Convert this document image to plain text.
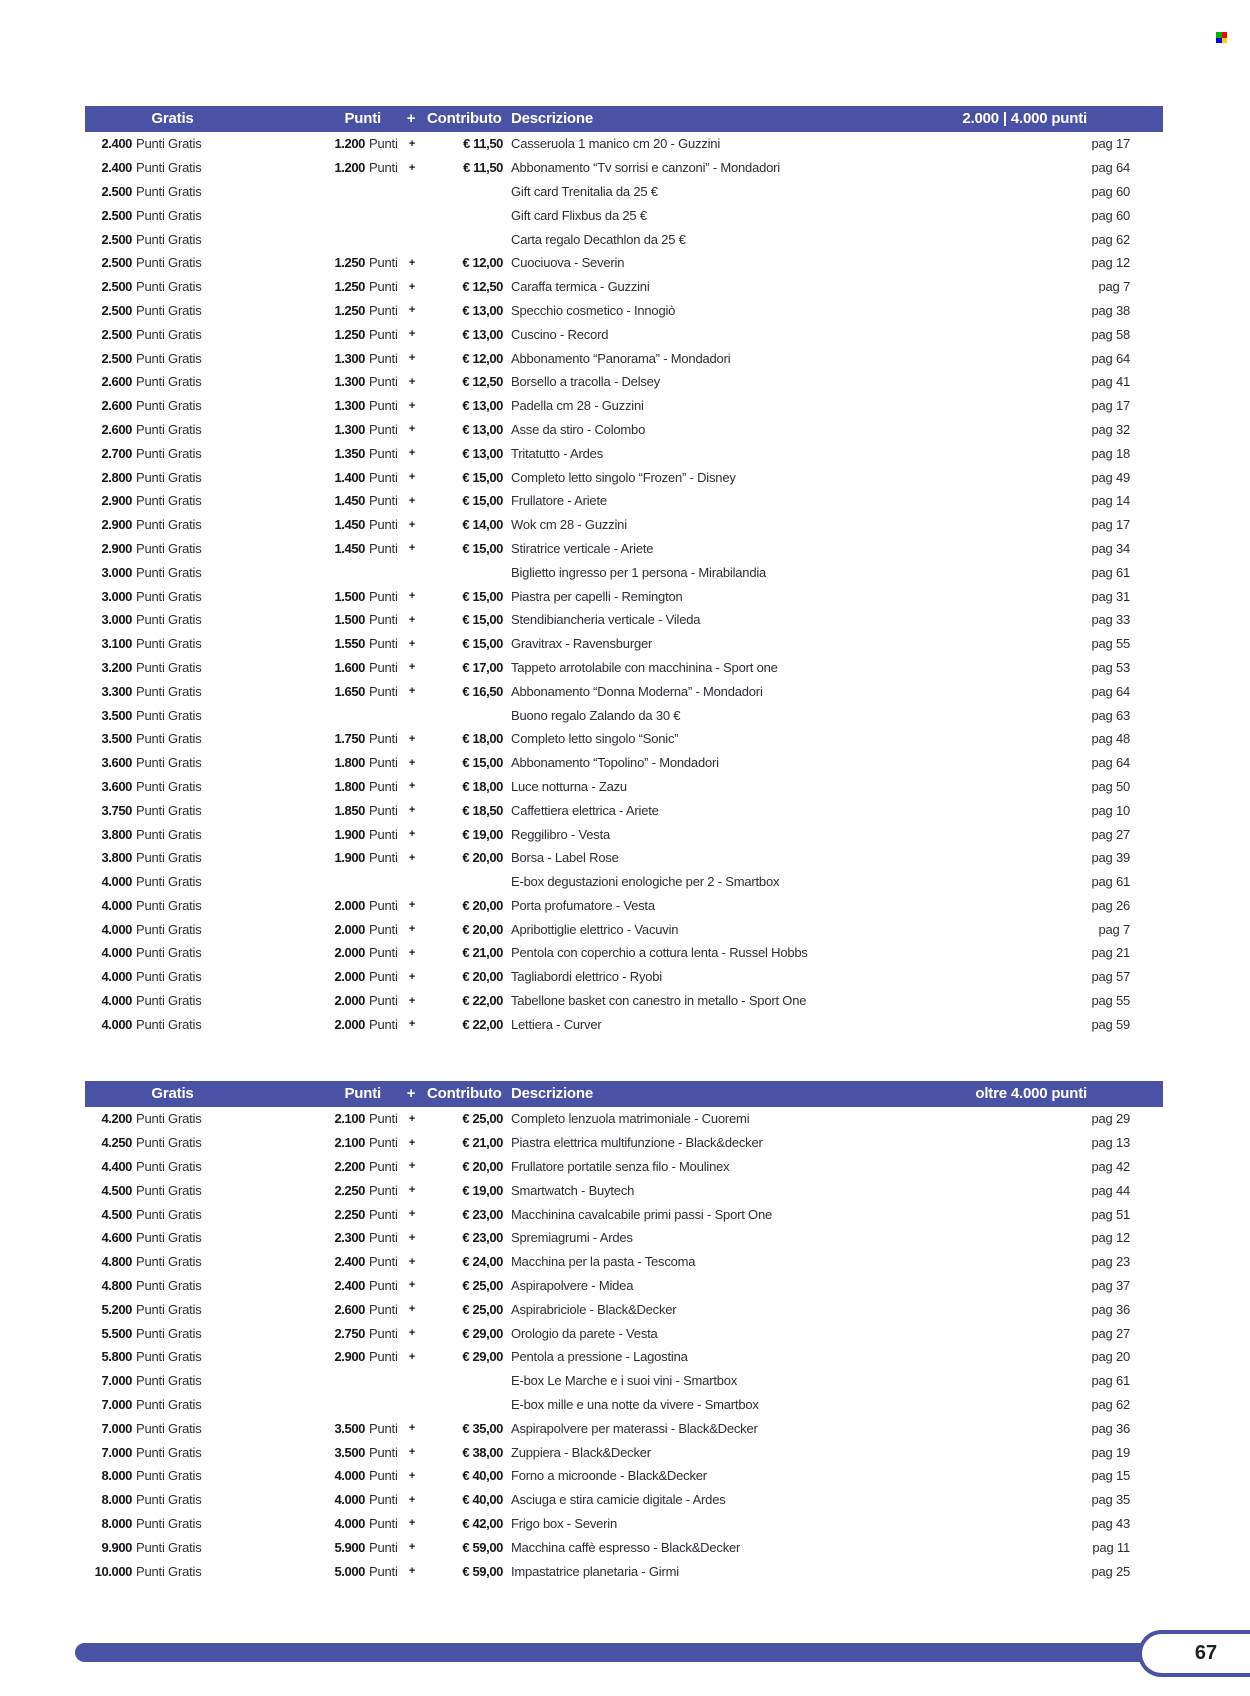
Gratis	Punti + Contributo Descrizione	2.000 | 4.000 punti
2.400 Punti Gratis	1.200 Punti	+	€ 11,50 Casseruola 1 manico cm 20 - Guzzini	pag 17
2.400 Punti Gratis	1.200 Punti	+	€ 11,50 Abbonamento “Tv sorrisi e canzoni” - Mondadori	pag 64
2.500 Punti Gratis	Gift card Trenitalia da 25 €	pag 60
2.500 Punti Gratis	Gift card Flixbus da 25 €	pag 60
2.500 Punti Gratis	Carta regalo Decathlon da 25 €	pag 62
2.500 Punti Gratis	1.250 Punti	+	€ 12,00 Cuociuova - Severin	pag 12
2.500 Punti Gratis	1.250 Punti	+	€ 12,50 Caraffa termica - Guzzini	pag 7
2.500 Punti Gratis	1.250 Punti	+	€ 13,00 Specchio cosmetico - Innogiò	pag 38
2.500 Punti Gratis	1.250 Punti	+	€ 13,00 Cuscino - Record	pag 58
2.500 Punti Gratis	1.300 Punti	+	€ 12,00 Abbonamento “Panorama” - Mondadori	pag 64
2.600 Punti Gratis	1.300 Punti	+	€ 12,50 Borsello a tracolla - Delsey	pag 41
2.600 Punti Gratis	1.300 Punti	+	€ 13,00 Padella cm 28 - Guzzini	pag 17
2.600 Punti Gratis	1.300 Punti	+	€ 13,00 Asse da stiro - Colombo	pag 32
2.700 Punti Gratis	1.350 Punti	+	€ 13,00 Tritatutto - Ardes	pag 18
2.800 Punti Gratis	1.400 Punti	+	€ 15,00 Completo letto singolo “Frozen” - Disney	pag 49
2.900 Punti Gratis	1.450 Punti	+	€ 15,00 Frullatore - Ariete	pag 14
2.900 Punti Gratis	1.450 Punti	+	€ 14,00 Wok cm 28 - Guzzini	pag 17
2.900 Punti Gratis	1.450 Punti	+	€ 15,00 Stiratrice verticale - Ariete	pag 34
3.000 Punti Gratis	Biglietto ingresso per 1 persona - Mirabilandia	pag 61
3.000 Punti Gratis	1.500 Punti	+	€ 15,00 Piastra per capelli - Remington	pag 31
3.000 Punti Gratis	1.500 Punti	+	€ 15,00 Stendibiancheria verticale - Vileda	pag 33
3.100 Punti Gratis	1.550 Punti	+	€ 15,00 Gravitrax - Ravensburger	pag 55
3.200 Punti Gratis	1.600 Punti	+	€ 17,00 Tappeto arrotolabile con macchinina - Sport one	pag 53
3.300 Punti Gratis	1.650 Punti	+	€ 16,50 Abbonamento “Donna Moderna” - Mondadori	pag 64
3.500 Punti Gratis	Buono regalo Zalando da 30 €	pag 63
3.500 Punti Gratis	1.750 Punti	+	€ 18,00 Completo letto singolo “Sonic”	pag 48
3.600 Punti Gratis	1.800 Punti	+	€ 15,00 Abbonamento “Topolino” - Mondadori	pag 64
3.600 Punti Gratis	1.800 Punti	+	€ 18,00 Luce notturna - Zazu	pag 50
3.750 Punti Gratis	1.850 Punti	+	€ 18,50 Caffettiera elettrica - Ariete	pag 10
3.800 Punti Gratis	1.900 Punti	+	€ 19,00 Reggilibro - Vesta	pag 27
3.800 Punti Gratis	1.900 Punti	+	€ 20,00 Borsa - Label Rose	pag 39
4.000 Punti Gratis	E-box degustazioni enologiche per 2 - Smartbox	pag 61
4.000 Punti Gratis	2.000 Punti	+	€ 20,00 Porta profumatore - Vesta	pag 26
4.000 Punti Gratis	2.000 Punti	+	€ 20,00 Apribottiglie elettrico - Vacuvin	pag 7
4.000 Punti Gratis	2.000 Punti	+	€ 21,00 Pentola con coperchio a cottura lenta - Russel Hobbs	pag 21
4.000 Punti Gratis	2.000 Punti	+	€ 20,00 Tagliabordi elettrico - Ryobi	pag 57
4.000 Punti Gratis	2.000 Punti	+	€ 22,00 Tabellone basket con canestro in metallo - Sport One	pag 55
4.000 Punti Gratis	2.000 Punti	+	€ 22,00 Lettiera - Curver	pag 59
Gratis	Punti + Contributo Descrizione	oltre 4.000 punti
4.200 Punti Gratis	2.100 Punti	+	€ 25,00 Completo lenzuola matrimoniale - Cuoremi	pag 29
4.250 Punti Gratis	2.100 Punti	+	€ 21,00 Piastra elettrica multifunzione - Black&decker	pag 13
4.400 Punti Gratis	2.200 Punti	+	€ 20,00 Frullatore portatile senza filo - Moulinex	pag 42
4.500 Punti Gratis	2.250 Punti	+	€ 19,00 Smartwatch - Buytech	pag 44
4.500 Punti Gratis	2.250 Punti	+	€ 23,00 Macchinina cavalcabile primi passi - Sport One	pag 51
4.600 Punti Gratis	2.300 Punti	+	€ 23,00 Spremiagrumi - Ardes	pag 12
4.800 Punti Gratis	2.400 Punti	+	€ 24,00 Macchina per la pasta - Tescoma	pag 23
4.800 Punti Gratis	2.400 Punti	+	€ 25,00 Aspirapolvere - Midea	pag 37
5.200 Punti Gratis	2.600 Punti	+	€ 25,00 Aspirabriciole - Black&Decker	pag 36
5.500 Punti Gratis	2.750 Punti	+	€ 29,00 Orologio da parete - Vesta	pag 27
5.800 Punti Gratis	2.900 Punti	+	€ 29,00 Pentola a pressione - Lagostina	pag 20
7.000 Punti Gratis	E-box Le Marche e i suoi vini - Smartbox	pag 61
7.000 Punti Gratis	E-box mille e una notte da vivere - Smartbox	pag 62
7.000 Punti Gratis	3.500 Punti	+	€ 35,00 Aspirapolvere per materassi - Black&Decker	pag 36
7.000 Punti Gratis	3.500 Punti	+	€ 38,00 Zuppiera - Black&Decker	pag 19
8.000 Punti Gratis	4.000 Punti	+	€ 40,00 Forno a microonde - Black&Decker	pag 15
8.000 Punti Gratis	4.000 Punti	+	€ 40,00 Asciuga e stira camicie digitale - Ardes	pag 35
8.000 Punti Gratis	4.000 Punti	+	€ 42,00 Frigo box - Severin	pag 43
9.900 Punti Gratis	5.900 Punti	+	€ 59,00 Macchina caffè espresso - Black&Decker	pag 11
10.000 Punti Gratis	5.000 Punti	+	€ 59,00 Impastatrice planetaria - Girmi	pag 25
67
